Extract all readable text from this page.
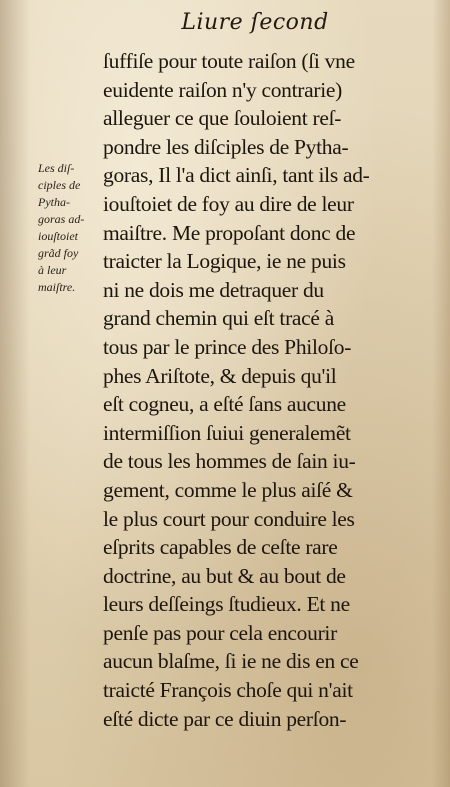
Liure ſecond
Les diſ-
ciples de
Pytha-
goras ad-
iouſtoiet
grãd foy
à leur
maiſtre.
ſuffiſe pour toute raiſon (ſi vne
euidente raiſon n'y contrarie)
alleguer ce que ſouloient reſ-
pondre les diſciples de Pytha-
goras, Il l'a dict ainſi, tant ils ad-
iouſtoiet de foy au dire de leur
maiſtre. Me propoſant donc de
traicter la Logique, ie ne puis
ni ne dois me detraquer du
grand chemin qui eſt tracé à
tous par le prince des Philoſo-
phes Ariſtote, & depuis qu'il
eſt cogneu, a eſté ſans aucune
intermiſſion ſuiui generalemẽt
de tous les hommes de ſain iu-
gement, comme le plus aiſé &
le plus court pour conduire les
eſprits capables de ceſte rare
doctrine, au but & au bout de
leurs deſſeings ſtudieux. Et ne
penſe pas pour cela encourir
aucun blaſme, ſi ie ne dis en ce
traicté François choſe qui n'ait
eſté dicte par ce diuin perſon-
